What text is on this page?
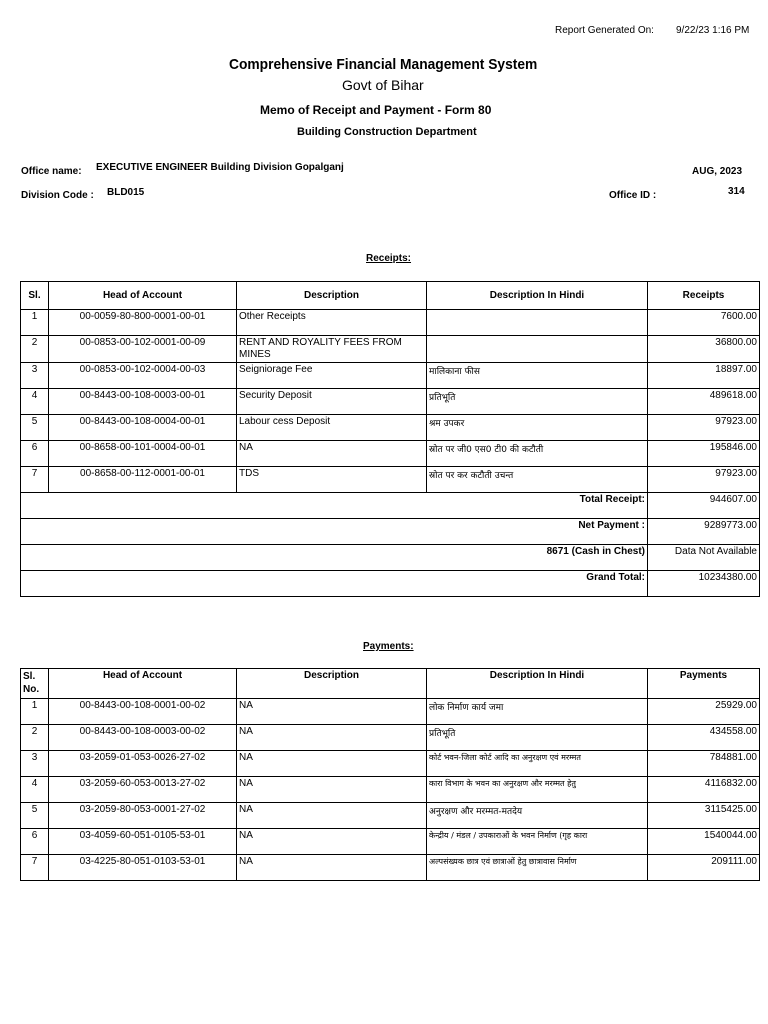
Report Generated On: 9/22/23 1:16 PM
Comprehensive Financial Management System
Govt of Bihar
Memo of Receipt and Payment - Form 80
Building Construction Department
Office name: EXECUTIVE ENGINEER Building Division Gopalganj	AUG, 2023
Division Code : BLD015	Office ID :	314
Receipts:
Sl.	Head of Account	Description	Description In Hindi	Receipts
1	00-0059-80-800-0001-00-01	Other Receipts		7600.00
2	00-0853-00-102-0001-00-09	RENT AND ROYALITY FEES FROM MINES		36800.00
3	00-0853-00-102-0004-00-03	Seigniorage Fee	मालिकाना फीस	18897.00
4	00-8443-00-108-0003-00-01	Security Deposit	प्रतिभूति	489618.00
5	00-8443-00-108-0004-00-01	Labour cess Deposit	श्रम उपकर	97923.00
6	00-8658-00-101-0004-00-01	NA	स्रोत पर जी0 एस0 टी0 की कटौती	195846.00
7	00-8658-00-112-0001-00-01	TDS	स्रोत पर कर कटौती उचन्त	97923.00
Total Receipt:				944607.00
Net Payment :				9289773.00
8671 (Cash in Chest)				Data Not Available
Grand Total:				10234380.00
Payments:
Sl. No.	Head of Account	Description	Description In Hindi	Payments
1	00-8443-00-108-0001-00-02	NA	लोक निर्माण कार्य जमा	25929.00
2	00-8443-00-108-0003-00-02	NA	प्रतिभूति	434558.00
3	03-2059-01-053-0026-27-02	NA	कोर्ट भवन-जिला कोर्ट आदि का अनुरक्षण एवं मरम्मत	784881.00
4	03-2059-60-053-0013-27-02	NA	कारा विभाग के भवन का अनुरक्षण और मरम्मत हेतु	4116832.00
5	03-2059-80-053-0001-27-02	NA	अनुरक्षण और मरम्मत-मतदेय	3115425.00
6	03-4059-60-051-0105-53-01	NA	केन्द्रीय / मंडल / उपकाराओं के भवन निर्माण (गृह कारा	1540044.00
7	03-4225-80-051-0103-53-01	NA	अल्पसंख्यक छात्र एवं छात्राओं हेतु छात्रावास निर्माण	209111.00
